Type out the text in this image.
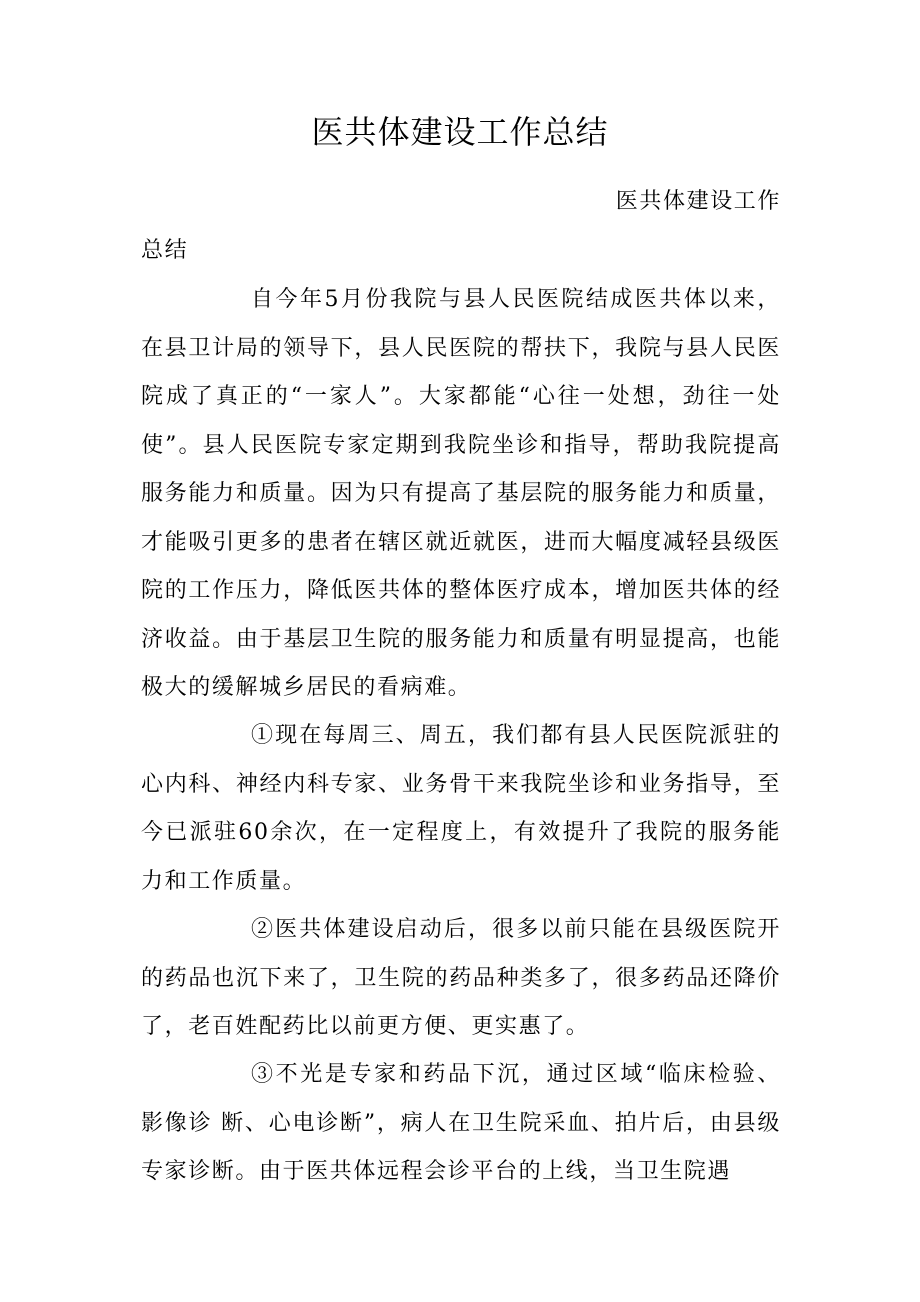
医共体建设工作总结
医共体建设工作
总结

自今年5月份我院与县人民医院结成医共体以来，在县卫计局的领导下，县人民医院的帮扶下，我院与县人民医院成了真正的“一家人”。大家都能“心往一处想，劲往一处使”。县人民医院专家定期到我院坐诊和指导，帮助我院提高服务能力和质量。因为只有提高了基层院的服务能力和质量，才能吸引更多的患者在辖区就近就医，进而大幅度减轻县级医院的工作压力，降低医共体的整体医疗成本，增加医共体的经济收益。由于基层卫生院的服务能力和质量有明显提高，也能极大的缓解城乡居民的看病难。

①现在每周三、周五，我们都有县人民医院派驻的心内科、神经内科专家、业务骨干来我院坐诊和业务指导，至今已派驻60余次，在一定程度上，有效提升了我院的服务能力和工作质量。

②医共体建设启动后，很多以前只能在县级医院开的药品也沉下来了，卫生院的药品种类多了，很多药品还降价了，老百姓配药比以前更方便、更实惠了。

③不光是专家和药品下沉，通过区域“临床检验、影像诊 断、心电诊断”，病人在卫生院采血、拍片后，由县级专家诊断。由于医共体远程会诊平台的上线，当卫生院遇
